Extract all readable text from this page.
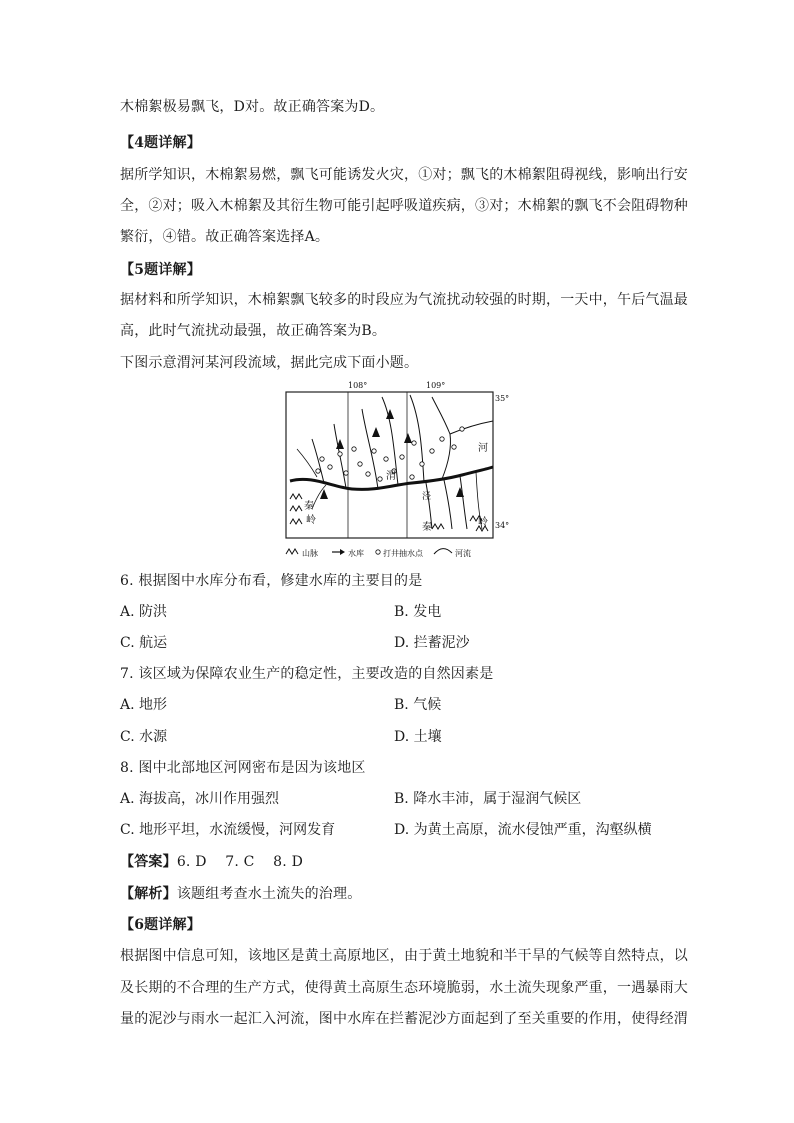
木棉絮极易飘飞，D对。故正确答案为D。
【4题详解】
据所学知识，木棉絮易燃，飘飞可能诱发火灾，①对；飘飞的木棉絮阻碍视线，影响出行安
全，②对；吸入木棉絮及其衍生物可能引起呼吸道疾病，③对；木棉絮的飘飞不会阻碍物种
繁衍，④错。故正确答案选择A。
【5题详解】
据材料和所学知识，木棉絮飘飞较多的时段应为气流扰动较强的时期，一天中，午后气温最
高，此时气流扰动最强，故正确答案为B。
下图示意渭河某河段流域，据此完成下面小题。
108°	109°
35°
34°
河
渭
泾
秦
岭
秦	岭
山脉	水库 打井抽水点	河流
6. 根据图中水库分布看，修建水库的主要目的是
A. 防洪	B. 发电
C. 航运	D. 拦蓄泥沙
7. 该区域为保障农业生产的稳定性，主要改造的自然因素是
A. 地形	B. 气候
C. 水源	D. 土壤
8. 图中北部地区河网密布是因为该地区
A. 海拔高，冰川作用强烈	B. 降水丰沛，属于湿润气候区
C. 地形平坦，水流缓慢，河网发育	D. 为黄土高原，流水侵蚀严重，沟壑纵横
【答案】6. D    7. C    8. D
【解析】该题组考查水土流失的治理。
【6题详解】
根据图中信息可知，该地区是黄土高原地区，由于黄土地貌和半干旱的气候等自然特点，以
及长期的不合理的生产方式，使得黄土高原生态环境脆弱，水土流失现象严重，一遇暴雨大
量的泥沙与雨水一起汇入河流，图中水库在拦蓄泥沙方面起到了至关重要的作用，使得经渭
